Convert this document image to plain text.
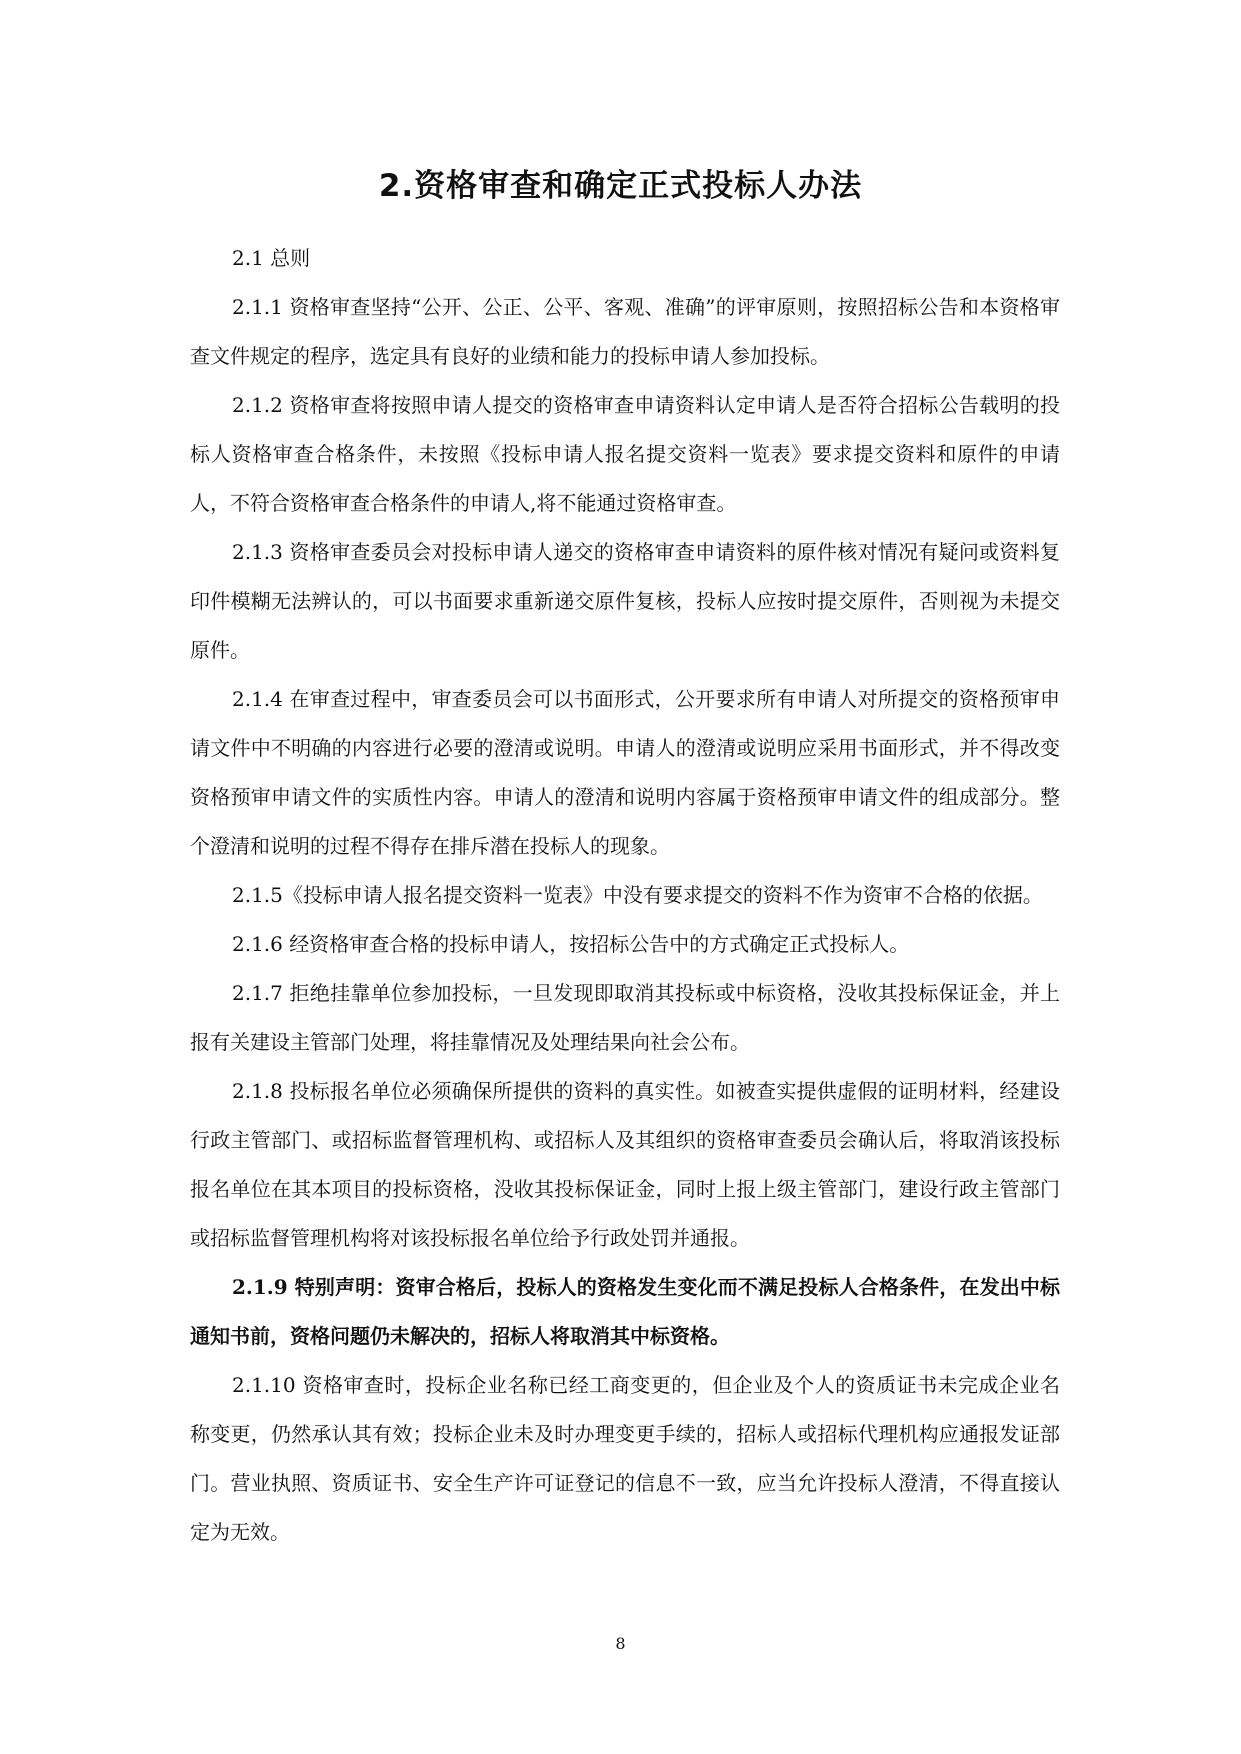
2.资格审查和确定正式投标人办法

2.1 总则

2.1.1 资格审查坚持“公开、公正、公平、客观、准确”的评审原则，按照招标公告和本资格审查文件规定的程序，选定具有良好的业绩和能力的投标申请人参加投标。

2.1.2 资格审查将按照申请人提交的资格审查申请资料认定申请人是否符合招标公告载明的投标人资格审查合格条件，未按照《投标申请人报名提交资料一览表》要求提交资料和原件的申请人，不符合资格审查合格条件的申请人,将不能通过资格审查。

2.1.3 资格审查委员会对投标申请人递交的资格审查申请资料的原件核对情况有疑问或资料复印件模糊无法辨认的，可以书面要求重新递交原件复核，投标人应按时提交原件，否则视为未提交原件。

2.1.4 在审查过程中，审查委员会可以书面形式，公开要求所有申请人对所提交的资格预审申请文件中不明确的内容进行必要的澄清或说明。申请人的澄清或说明应采用书面形式，并不得改变资格预审申请文件的实质性内容。申请人的澄清和说明内容属于资格预审申请文件的组成部分。整个澄清和说明的过程不得存在排斥潜在投标人的现象。

2.1.5《投标申请人报名提交资料一览表》中没有要求提交的资料不作为资审不合格的依据。

2.1.6 经资格审查合格的投标申请人，按招标公告中的方式确定正式投标人。

2.1.7 拒绝挂靠单位参加投标，一旦发现即取消其投标或中标资格，没收其投标保证金，并上报有关建设主管部门处理，将挂靠情况及处理结果向社会公布。

2.1.8 投标报名单位必须确保所提供的资料的真实性。如被查实提供虚假的证明材料，经建设行政主管部门、或招标监督管理机构、或招标人及其组织的资格审查委员会确认后，将取消该投标报名单位在其本项目的投标资格，没收其投标保证金，同时上报上级主管部门，建设行政主管部门或招标监督管理机构将对该投标报名单位给予行政处罚并通报。

2.1.9 特别声明：资审合格后，投标人的资格发生变化而不满足投标人合格条件，在发出中标通知书前，资格问题仍未解决的，招标人将取消其中标资格。

2.1.10 资格审查时，投标企业名称已经工商变更的，但企业及个人的资质证书未完成企业名称变更，仍然承认其有效；投标企业未及时办理变更手续的，招标人或招标代理机构应通报发证部门。营业执照、资质证书、安全生产许可证登记的信息不一致，应当允许投标人澄清，不得直接认定为无效。

8
